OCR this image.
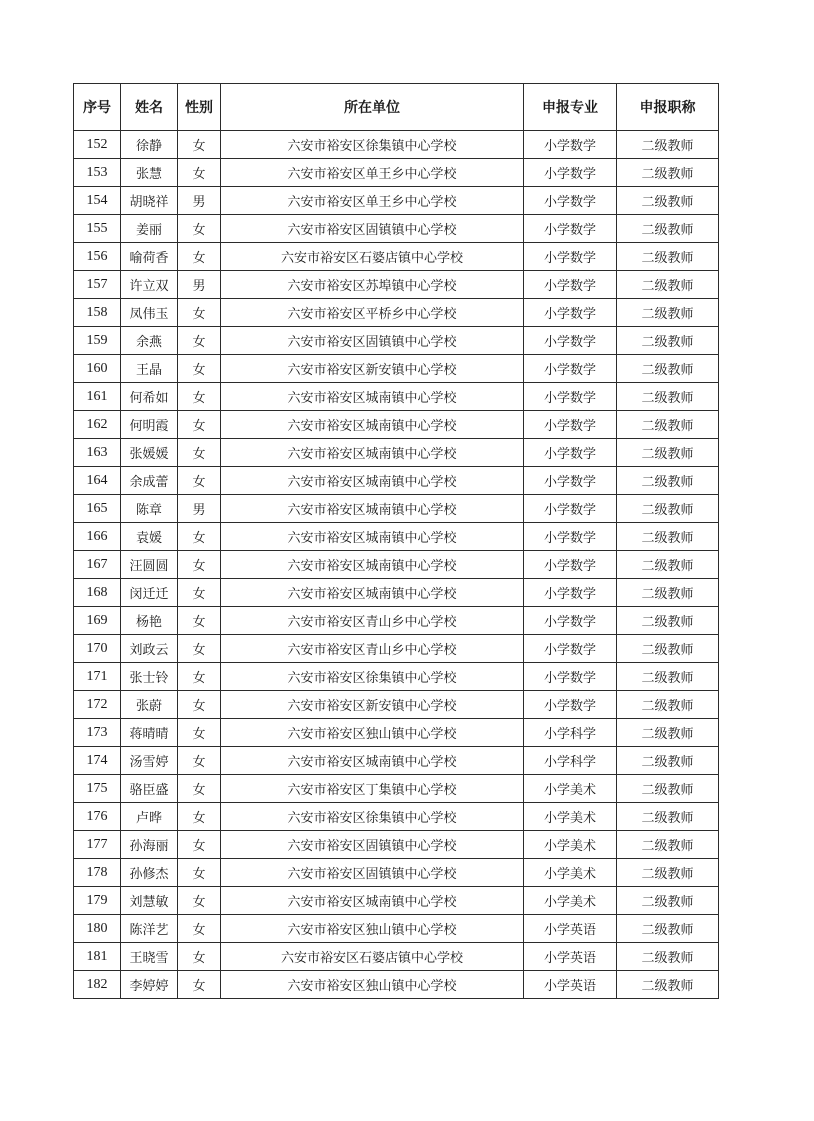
序号	姓名	性别	所在单位	申报专业	申报职称
152	徐静	女	六安市裕安区徐集镇中心学校	小学数学	二级教师
153	张慧	女	六安市裕安区单王乡中心学校	小学数学	二级教师
154	胡晓祥	男	六安市裕安区单王乡中心学校	小学数学	二级教师
155	姜丽	女	六安市裕安区固镇镇中心学校	小学数学	二级教师
156	喻荷香	女	六安市裕安区石婆店镇中心学校	小学数学	二级教师
157	许立双	男	六安市裕安区苏埠镇中心学校	小学数学	二级教师
158	凤伟玉	女	六安市裕安区平桥乡中心学校	小学数学	二级教师
159	余燕	女	六安市裕安区固镇镇中心学校	小学数学	二级教师
160	王晶	女	六安市裕安区新安镇中心学校	小学数学	二级教师
161	何希如	女	六安市裕安区城南镇中心学校	小学数学	二级教师
162	何明霞	女	六安市裕安区城南镇中心学校	小学数学	二级教师
163	张媛媛	女	六安市裕安区城南镇中心学校	小学数学	二级教师
164	余成蕾	女	六安市裕安区城南镇中心学校	小学数学	二级教师
165	陈章	男	六安市裕安区城南镇中心学校	小学数学	二级教师
166	袁媛	女	六安市裕安区城南镇中心学校	小学数学	二级教师
167	汪圆圆	女	六安市裕安区城南镇中心学校	小学数学	二级教师
168	闵迁迁	女	六安市裕安区城南镇中心学校	小学数学	二级教师
169	杨艳	女	六安市裕安区青山乡中心学校	小学数学	二级教师
170	刘政云	女	六安市裕安区青山乡中心学校	小学数学	二级教师
171	张士铃	女	六安市裕安区徐集镇中心学校	小学数学	二级教师
172	张蔚	女	六安市裕安区新安镇中心学校	小学数学	二级教师
173	蒋晴晴	女	六安市裕安区独山镇中心学校	小学科学	二级教师
174	汤雪婷	女	六安市裕安区城南镇中心学校	小学科学	二级教师
175	骆臣盛	女	六安市裕安区丁集镇中心学校	小学美术	二级教师
176	卢晔	女	六安市裕安区徐集镇中心学校	小学美术	二级教师
177	孙海丽	女	六安市裕安区固镇镇中心学校	小学美术	二级教师
178	孙修杰	女	六安市裕安区固镇镇中心学校	小学美术	二级教师
179	刘慧敏	女	六安市裕安区城南镇中心学校	小学美术	二级教师
180	陈洋艺	女	六安市裕安区独山镇中心学校	小学英语	二级教师
181	王晓雪	女	六安市裕安区石婆店镇中心学校	小学英语	二级教师
182	李婷婷	女	六安市裕安区独山镇中心学校	小学英语	二级教师
